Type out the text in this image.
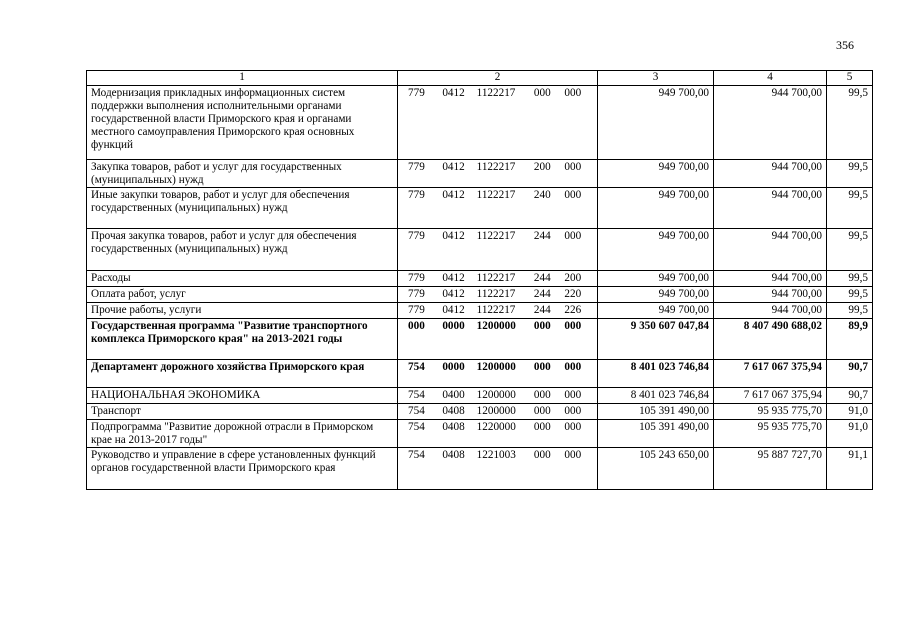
356
1	2	3	4	5
Модернизация прикладных информационных систем поддержки выполнения исполнительными органами государственной власти Приморского края и органами местного самоуправления Приморского края основных функций	779 0412 1122217 000 000	949 700,00	944 700,00	99,5
Закупка товаров, работ и услуг для государственных (муниципальных) нужд	779 0412 1122217 200 000	949 700,00	944 700,00	99,5
Иные закупки товаров, работ и услуг для обеспечения государственных (муниципальных) нужд	779 0412 1122217 240 000	949 700,00	944 700,00	99,5
Прочая закупка товаров, работ и услуг для обеспечения государственных (муниципальных) нужд	779 0412 1122217 244 000	949 700,00	944 700,00	99,5
Расходы	779 0412 1122217 244 200	949 700,00	944 700,00	99,5
Оплата работ, услуг	779 0412 1122217 244 220	949 700,00	944 700,00	99,5
Прочие работы, услуги	779 0412 1122217 244 226	949 700,00	944 700,00	99,5
Государственная программа "Развитие транспортного комплекса Приморского края" на 2013-2021 годы	000 0000 1200000 000 000	9 350 607 047,84	8 407 490 688,02	89,9
Департамент дорожного хозяйства Приморского края	754 0000 1200000 000 000	8 401 023 746,84	7 617 067 375,94	90,7
НАЦИОНАЛЬНАЯ ЭКОНОМИКА	754 0400 1200000 000 000	8 401 023 746,84	7 617 067 375,94	90,7
Транспорт	754 0408 1200000 000 000	105 391 490,00	95 935 775,70	91,0
Подпрограмма "Развитие дорожной отрасли в Приморском крае на 2013-2017 годы"	754 0408 1220000 000 000	105 391 490,00	95 935 775,70	91,0
Руководство и управление в сфере установленных функций органов государственной власти Приморского края	754 0408 1221003 000 000	105 243 650,00	95 887 727,70	91,1
